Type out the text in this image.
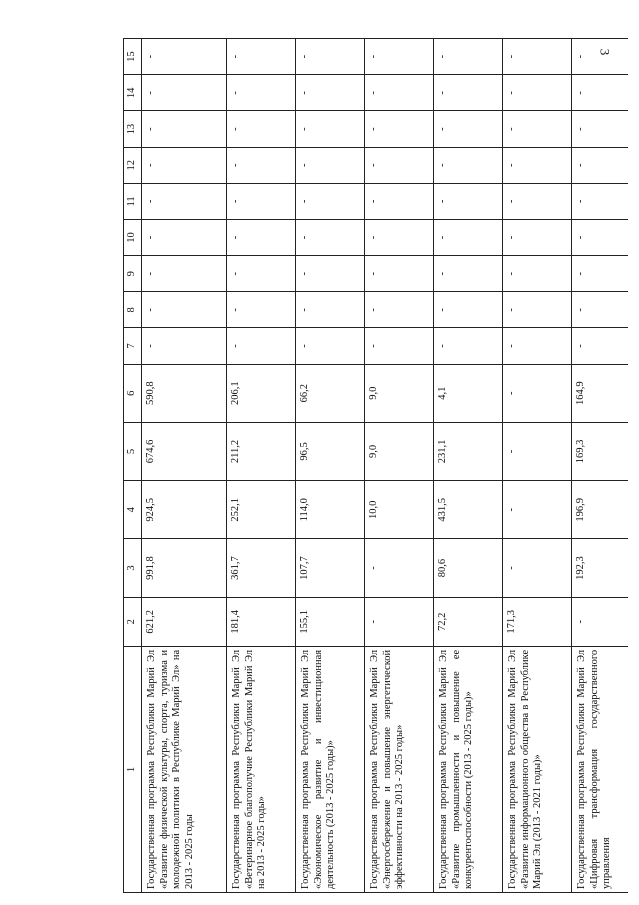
3
1	2	3	4	5	6	7	8	9	10	11	12	13	14	15
Государственная программа Республики Марий Эл «Развитие физической культуры, спорта, туризма и молодежной политики в Республике Марий Эл» на 2013 - 2025 годы	621,2	991,8	924,5	674,6	590,8	-	-	-	-	-	-	-	-	-
Государственная программа Республики Марий Эл «Ветеринарное благополучие Республики Марий Эл на 2013 - 2025 годы»	181,4	361,7	252,1	211,2	206,1	-	-	-	-	-	-	-	-	-
Государственная программа Республики Марий Эл «Экономическое развитие и инвестиционная деятельность (2013 - 2025 годы)»	155,1	107,7	114,0	96,5	66,2	-	-	-	-	-	-	-	-	-
Государственная программа Республики Марий Эл «Энергосбережение и повышение энергетической эффективности на 2013 - 2025 годы»	-	-	10,0	9,0	9,0	-	-	-	-	-	-	-	-	-
Государственная программа Республики Марий Эл «Развитие промышленности и повышение ее конкурентоспособности (2013 - 2025 годы)»	72,2	80,6	431,5	231,1	4,1	-	-	-	-	-	-	-	-	-
Государственная программа Республики Марий Эл «Развитие информационного общества в Республике Марий Эл (2013 - 2021 годы)»	171,3	-	-	-	-	-	-	-	-	-	-	-	-	-
Государственная программа Республики Марий Эл «Цифровая трансформация государственного управления	-	192,3	196,9	169,3	164,9	-	-	-	-	-	-	-	-	-
